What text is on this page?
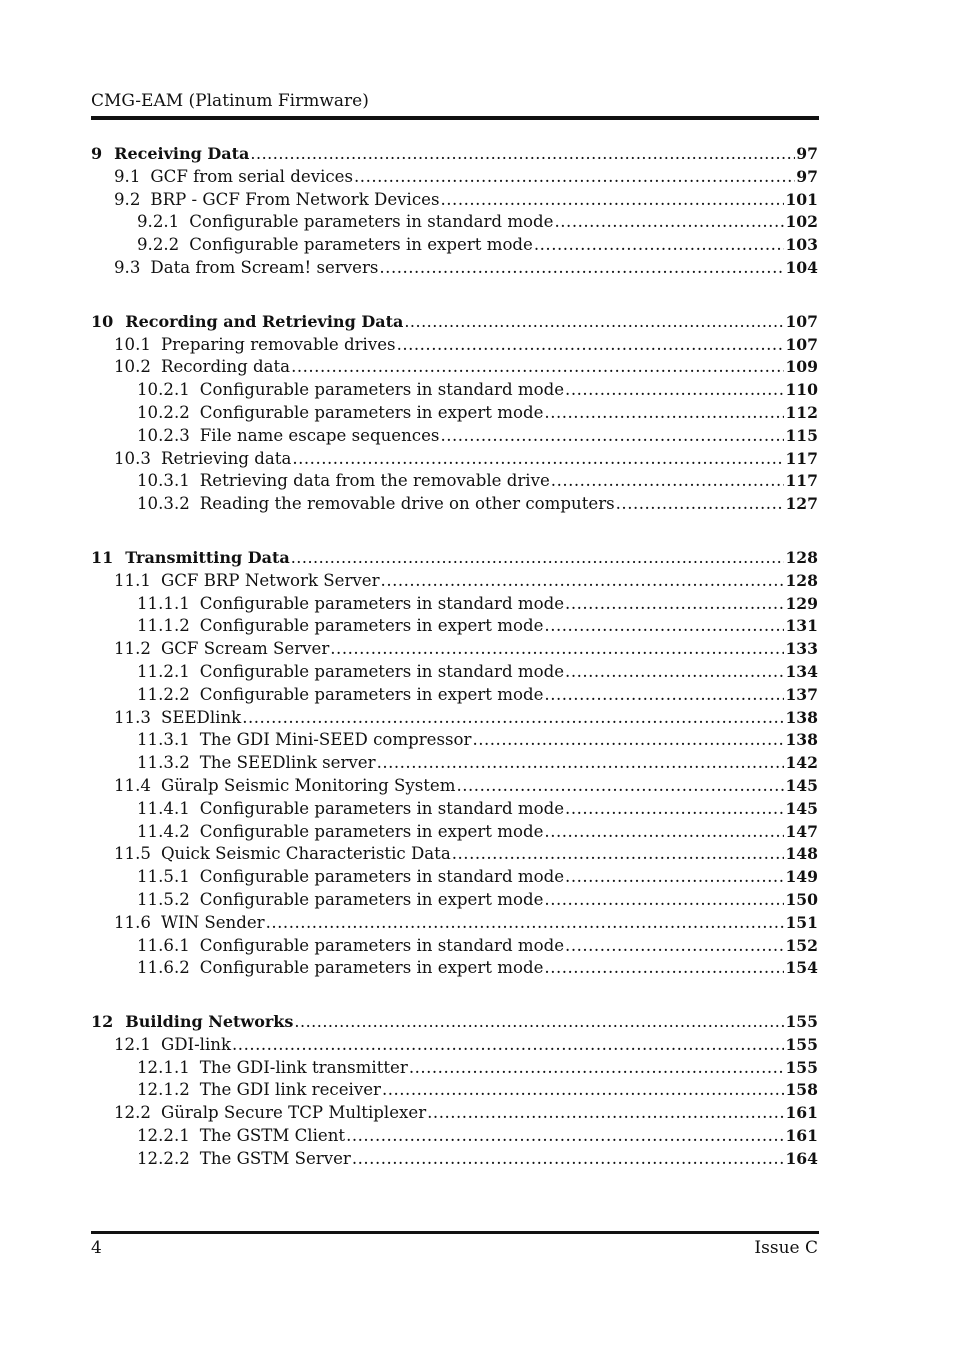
CMG-EAM (Platinum Firmware)
9 Receiving Data .....	97
9.1 GCF from serial devices .....	97
9.2 BRP - GCF From Network Devices .....	101
9.2.1 Configurable parameters in standard mode .....	102
9.2.2 Configurable parameters in expert mode .....	103
9.3 Data from Scream! servers .....	104
10 Recording and Retrieving Data .....	107
10.1 Preparing removable drives .....	107
10.2 Recording data .....	109
10.2.1 Configurable parameters in standard mode .....	110
10.2.2 Configurable parameters in expert mode .....	112
10.2.3 File name escape sequences .....	115
10.3 Retrieving data .....	117
10.3.1 Retrieving data from the removable drive .....	117
10.3.2 Reading the removable drive on other computers .....	127
11 Transmitting Data .....	128
11.1 GCF BRP Network Server .....	128
11.1.1 Configurable parameters in standard mode .....	129
11.1.2 Configurable parameters in expert mode .....	131
11.2 GCF Scream Server .....	133
11.2.1 Configurable parameters in standard mode .....	134
11.2.2 Configurable parameters in expert mode .....	137
11.3 SEEDlink .....	138
11.3.1 The GDI Mini-SEED compressor .....	138
11.3.2 The SEEDlink server .....	142
11.4 Güralp Seismic Monitoring System .....	145
11.4.1 Configurable parameters in standard mode .....	145
11.4.2 Configurable parameters in expert mode .....	147
11.5 Quick Seismic Characteristic Data .....	148
11.5.1 Configurable parameters in standard mode .....	149
11.5.2 Configurable parameters in expert mode .....	150
11.6 WIN Sender .....	151
11.6.1 Configurable parameters in standard mode .....	152
11.6.2 Configurable parameters in expert mode .....	154
12 Building Networks .....	155
12.1 GDI-link .....	155
12.1.1 The GDI-link transmitter .....	155
12.1.2 The GDI link receiver .....	158
12.2 Güralp Secure TCP Multiplexer .....	161
12.2.1 The GSTM Client .....	161
12.2.2 The GSTM Server .....	164
4	Issue C
